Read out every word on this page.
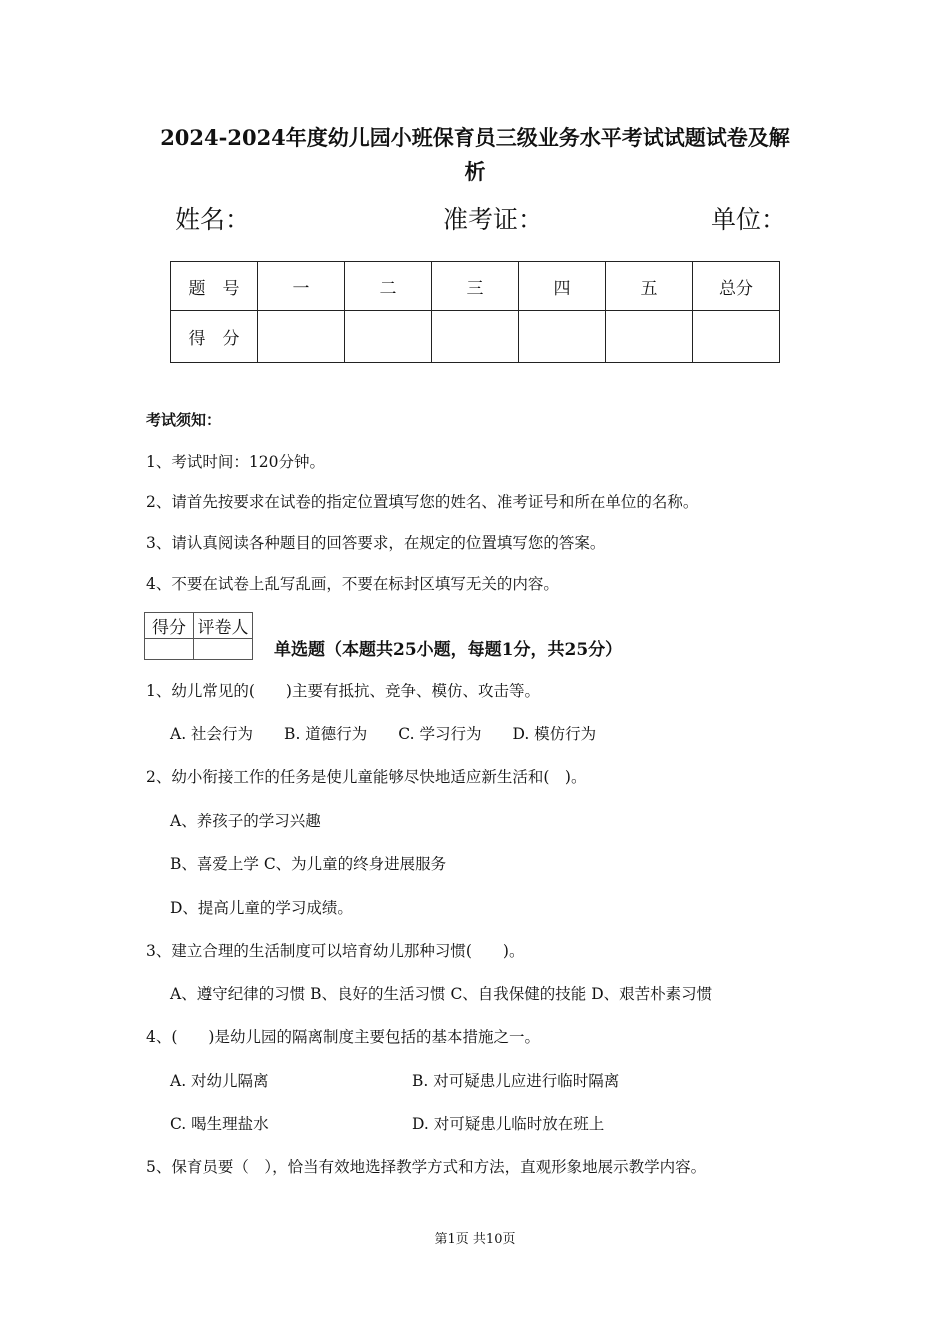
2024-2024年度幼儿园小班保育员三级业务水平考试试题试卷及解
析
姓名：	准考证：	单位：
题　号	一	二	三	四	五	总分
得　分						
考试须知：
1、考试时间：120分钟。
2、请首先按要求在试卷的指定位置填写您的姓名、准考证号和所在单位的名称。
3、请认真阅读各种题目的回答要求，在规定的位置填写您的答案。
4、不要在试卷上乱写乱画，不要在标封区填写无关的内容。
得分	评卷人

单选题（本题共25小题，每题1分，共25分）
1、幼儿常见的(　　)主要有抵抗、竞争、模仿、攻击等。
A. 社会行为　　B. 道德行为　　C. 学习行为　　D. 模仿行为
2、幼小衔接工作的任务是使儿童能够尽快地适应新生活和(　)。
A、养孩子的学习兴趣
B、喜爱上学 C、为儿童的终身进展服务
D、提高儿童的学习成绩。
3、建立合理的生活制度可以培育幼儿那种习惯(　　)。
A、遵守纪律的习惯 B、良好的生活习惯 C、自我保健的技能 D、艰苦朴素习惯
4、(　　)是幼儿园的隔离制度主要包括的基本措施之一。
A. 对幼儿隔离	B. 对可疑患儿应进行临时隔离
C. 喝生理盐水	D. 对可疑患儿临时放在班上
5、保育员要（　），恰当有效地选择教学方式和方法，直观形象地展示教学内容。
第1页 共10页
